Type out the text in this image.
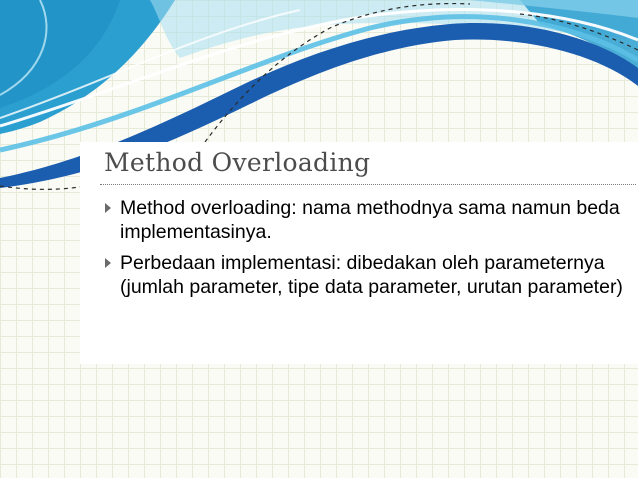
Method Overloading
Method overloading: nama methodnya sama namun beda implementasinya.
Perbedaan implementasi: dibedakan oleh parameternya (jumlah parameter, tipe data parameter, urutan parameter)
